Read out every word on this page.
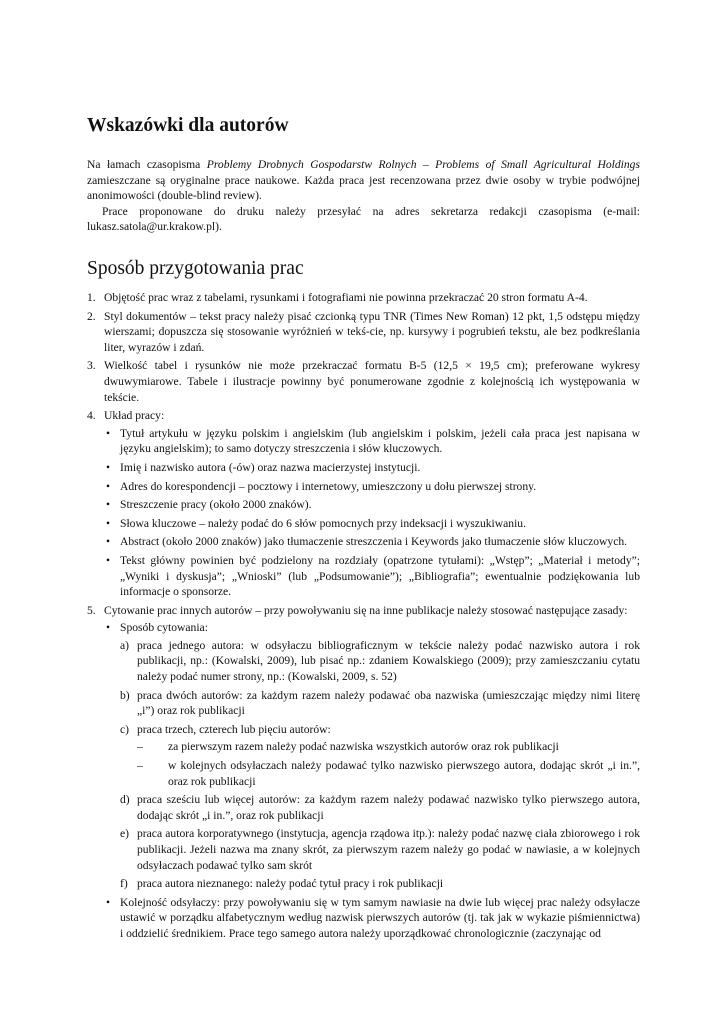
Wskazówki dla autorów

Na łamach czasopisma Problemy Drobnych Gospodarstw Rolnych – Problems of Small Agricultural Holdings zamieszczane są oryginalne prace naukowe. Każda praca jest recenzowana przez dwie osoby w trybie podwójnej anonimowości (double-blind review).

Prace proponowane do druku należy przesyłać na adres sekretarza redakcji czasopisma (e-mail: lukasz.satola@ur.krakow.pl).

Sposób przygotowania prac
1. Objętość prac wraz z tabelami, rysunkami i fotografiami nie powinna przekraczać 20 stron formatu A-4.
2. Styl dokumentów – tekst pracy należy pisać czcionką typu TNR (Times New Roman) 12 pkt, 1,5 odstępu między wierszami; dopuszcza się stosowanie wyróżnień w tekś-cie, np. kursywy i pogrubień tekstu, ale bez podkreślania liter, wyrazów i zdań.
3. Wielkość tabel i rysunków nie może przekraczać formatu B-5 (12,5 × 19,5 cm); preferowane wykresy dwuwymiarowe. Tabele i ilustracje powinny być ponumerowane zgodnie z kolejnością ich występowania w tekście.
4. Układ pracy:
• Tytuł artykułu w języku polskim i angielskim (lub angielskim i polskim, jeżeli cała praca jest napisana w języku angielskim); to samo dotyczy streszczenia i słów kluczowych.
• Imię i nazwisko autora (-ów) oraz nazwa macierzystej instytucji.
• Adres do korespondencji – pocztowy i internetowy, umieszczony u dołu pierwszej strony.
• Streszczenie pracy (około 2000 znaków).
• Słowa kluczowe – należy podać do 6 słów pomocnych przy indeksacji i wyszukiwaniu.
• Abstract (około 2000 znaków) jako tłumaczenie streszczenia i Keywords jako tłumaczenie słów kluczowych.
• Tekst główny powinien być podzielony na rozdziały (opatrzone tytułami): „Wstęp”; „Materiał i metody”; „Wyniki i dyskusja”; „Wnioski” (lub „Podsumowanie”); „Bibliografia”; ewentualnie podziękowania lub informacje o sponsorze.
5. Cytowanie prac innych autorów – przy powoływaniu się na inne publikacje należy stosować następujące zasady:
• Sposób cytowania:
a) praca jednego autora: w odsyłaczu bibliograficznym w tekście należy podać nazwisko autora i rok publikacji, np.: (Kowalski, 2009), lub pisać np.: zdaniem Kowalskiego (2009); przy zamieszczaniu cytatu należy podać numer strony, np.: (Kowalski, 2009, s. 52)
b) praca dwóch autorów: za każdym razem należy podawać oba nazwiska (umieszczając między nimi literę „i”) oraz rok publikacji
c) praca trzech, czterech lub pięciu autorów:
– za pierwszym razem należy podać nazwiska wszystkich autorów oraz rok publikacji
– w kolejnych odsyłaczach należy podawać tylko nazwisko pierwszego autora, dodając skrót „i in.”, oraz rok publikacji
d) praca sześciu lub więcej autorów: za każdym razem należy podawać nazwisko tylko pierwszego autora, dodając skrót „i in.”, oraz rok publikacji
e) praca autora korporatywnego (instytucja, agencja rządowa itp.): należy podać nazwę ciała zbiorowego i rok publikacji. Jeżeli nazwa ma znany skrót, za pierwszym razem należy go podać w nawiasie, a w kolejnych odsyłaczach podawać tylko sam skrót
f) praca autora nieznanego: należy podać tytuł pracy i rok publikacji
• Kolejność odsyłaczy: przy powoływaniu się w tym samym nawiasie na dwie lub więcej prac należy odsyłacze ustawić w porządku alfabetycznym według nazwisk pierwszych autorów (tj. tak jak w wykazie piśmiennictwa) i oddzielić średnikiem. Prace tego samego autora należy uporządkować chronologicznie (zaczynając od
